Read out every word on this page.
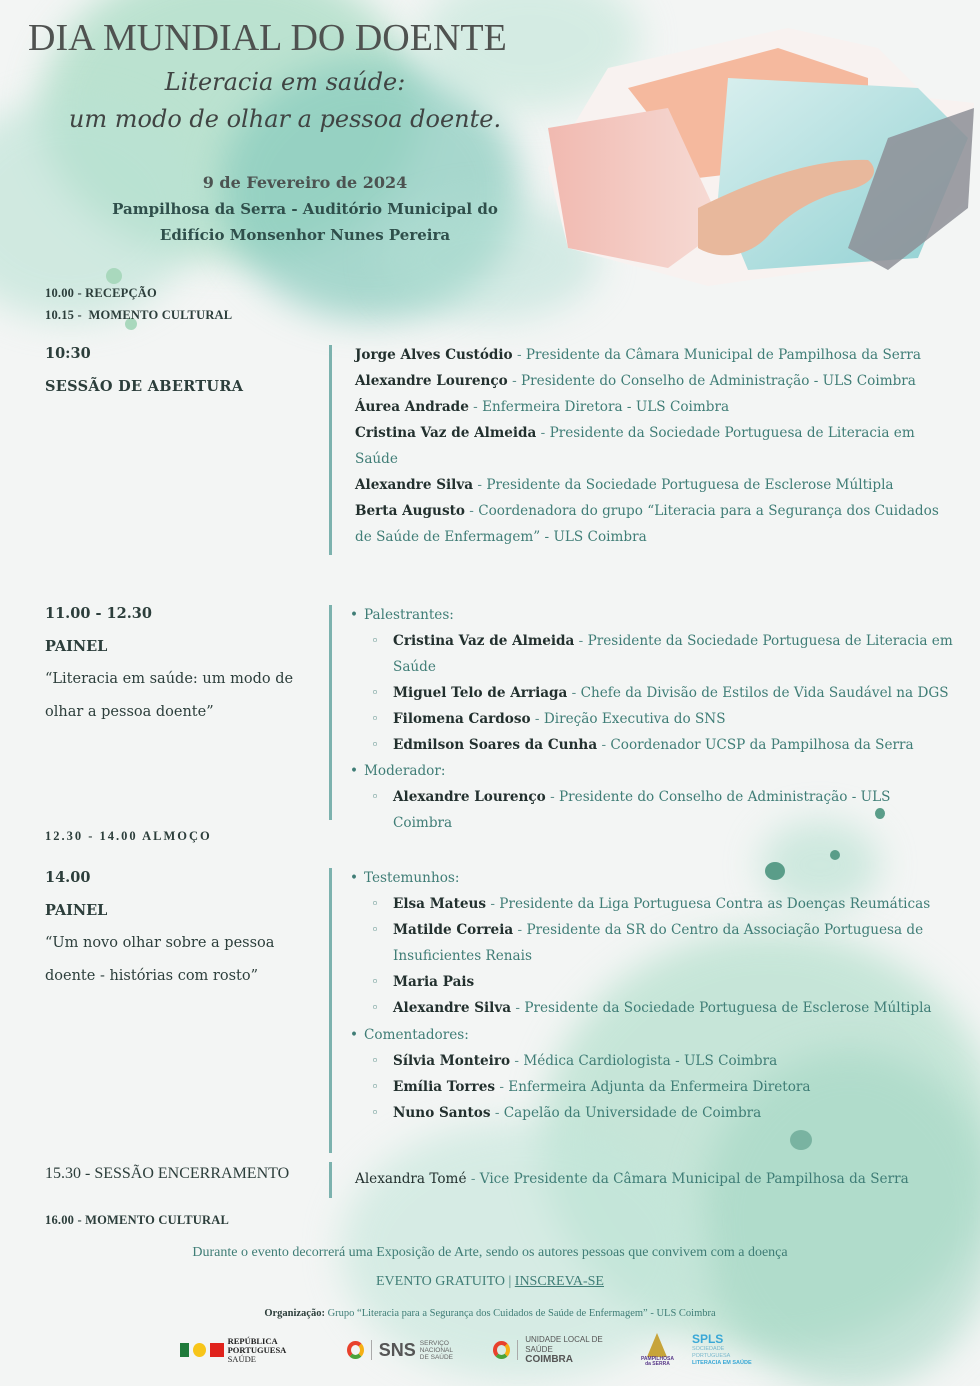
DIA MUNDIAL DO DOENTE
Literacia em saúde:
um modo de olhar a pessoa doente.
9 de Fevereiro de 2024
Pampilhosa da Serra - Auditório Municipal do
Edifício Monsenhor Nunes Pereira
10.00 - RECEPÇÃO
10.15 -  MOMENTO CULTURAL
10:30
SESSÃO DE ABERTURA
Jorge Alves Custódio - Presidente da Câmara Municipal de Pampilhosa da Serra
Alexandre Lourenço - Presidente do Conselho de Administração - ULS Coimbra
Áurea Andrade - Enfermeira Diretora - ULS Coimbra
Cristina Vaz de Almeida - Presidente da Sociedade Portuguesa de Literacia em Saúde
Alexandre Silva - Presidente da Sociedade Portuguesa de Esclerose Múltipla
Berta Augusto - Coordenadora do grupo “Literacia para a Segurança dos Cuidados de Saúde de Enfermagem” - ULS Coimbra
11.00 - 12.30
PAINEL
“Literacia em saúde: um modo de
olhar a pessoa doente”
• Palestrantes:
◦ Cristina Vaz de Almeida - Presidente da Sociedade Portuguesa de Literacia em Saúde
◦ Miguel Telo de Arriaga - Chefe da Divisão de Estilos de Vida Saudável na DGS
◦ Filomena Cardoso - Direção Executiva do SNS
◦ Edmilson Soares da Cunha - Coordenador UCSP da Pampilhosa da Serra
• Moderador:
◦ Alexandre Lourenço - Presidente do Conselho de Administração - ULS Coimbra
12.30 - 14.00 ALMOÇO
14.00
PAINEL
“Um novo olhar sobre a pessoa
doente - histórias com rosto”
• Testemunhos:
◦ Elsa Mateus - Presidente da Liga Portuguesa Contra as Doenças Reumáticas
◦ Matilde Correia - Presidente da SR do Centro da Associação Portuguesa de Insuficientes Renais
◦ Maria Pais
◦ Alexandre Silva - Presidente da Sociedade Portuguesa de Esclerose Múltipla
• Comentadores:
◦ Sílvia Monteiro - Médica Cardiologista - ULS Coimbra
◦ Emília Torres - Enfermeira Adjunta da Enfermeira Diretora
◦ Nuno Santos - Capelão da Universidade de Coimbra
15.30 - SESSÃO ENCERRAMENTO	Alexandra Tomé - Vice Presidente da Câmara Municipal de Pampilhosa da Serra
16.00 - MOMENTO CULTURAL
Durante o evento decorrerá uma Exposição de Arte, sendo os autores pessoas que convivem com a doença
EVENTO GRATUITO | INSCREVA-SE
Organização: Grupo “Literacia para a Segurança dos Cuidados de Saúde de Enfermagem” - ULS Coimbra
REPÚBLICA PORTUGUESA
SAÚDE	SNS SERVIÇO NACIONAL
DE SAÚDE
UNIDADE LOCAL DE SAÚDE
COIMBRA	PAMPILHOSA
da SERRA
SPLS
SOCIEDADE PORTUGUESA
LITERACIA EM SAÚDE
